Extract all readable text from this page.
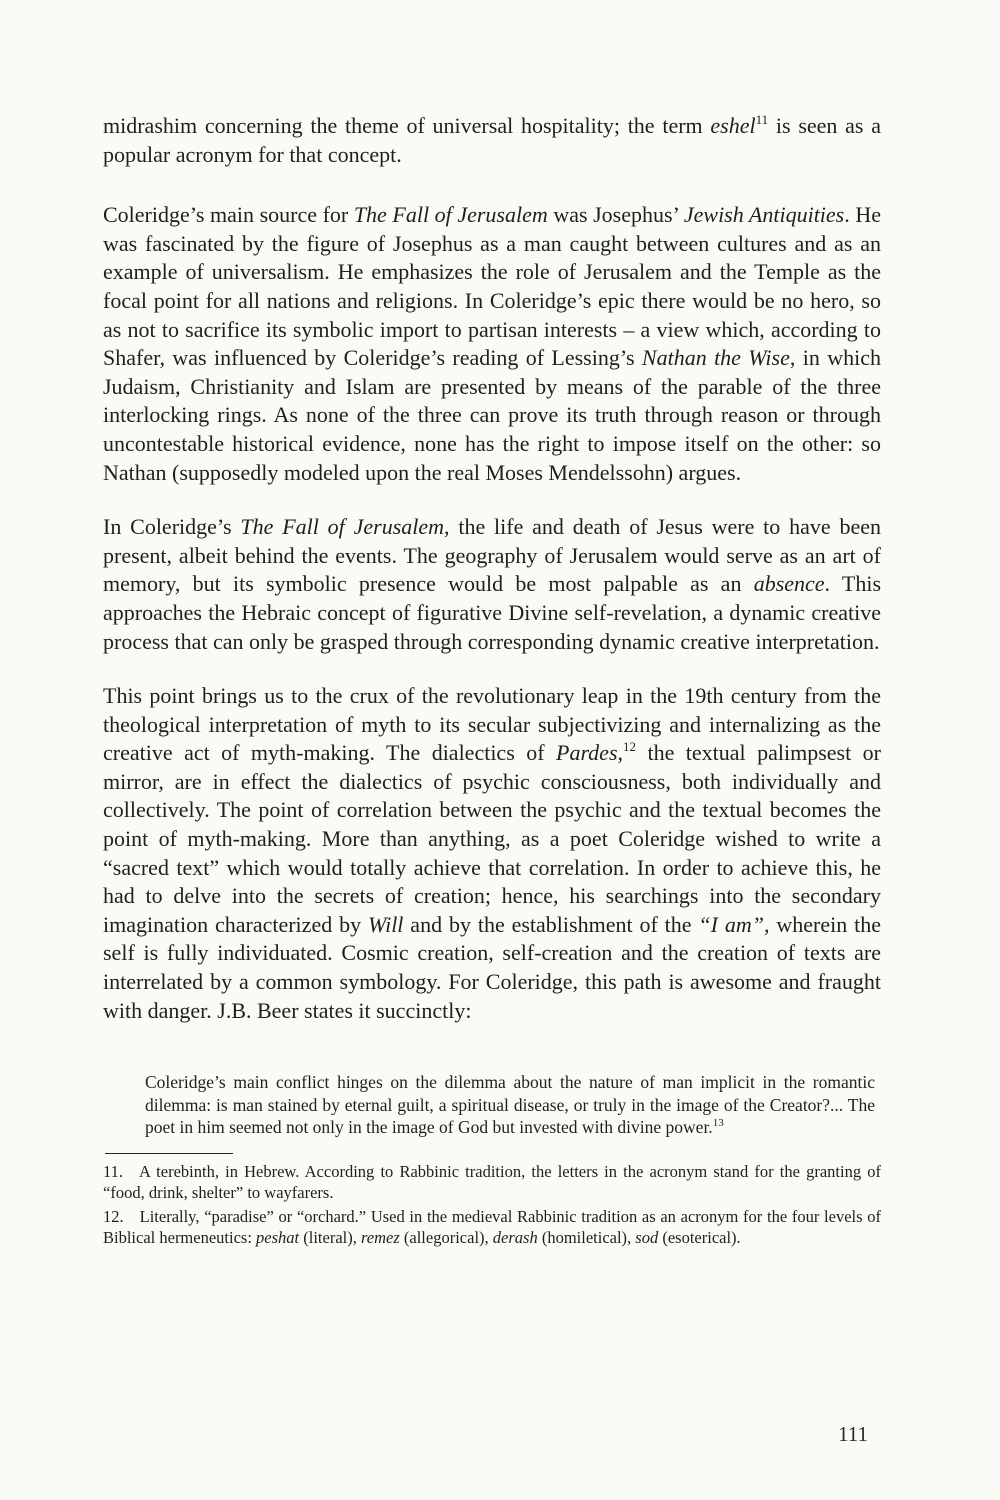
midrashim concerning the theme of universal hospitality; the term eshel$^{11}$ is seen as a popular acronym for that concept.

Coleridge’s main source for The Fall of Jerusalem was Josephus’ Jewish Antiquities. He was fascinated by the figure of Josephus as a man caught between cultures and as an example of universalism. He emphasizes the role of Jerusalem and the Temple as the focal point for all nations and religions. In Coleridge’s epic there would be no hero, so as not to sacrifice its symbolic import to partisan interests – a view which, according to Shafer, was influenced by Coleridge’s reading of Lessing’s Nathan the Wise, in which Judaism, Christianity and Islam are presented by means of the parable of the three interlocking rings. As none of the three can prove its truth through reason or through uncontestable historical evidence, none has the right to impose itself on the other: so Nathan (supposedly modeled upon the real Moses Mendelssohn) argues.

In Coleridge’s The Fall of Jerusalem, the life and death of Jesus were to have been present, albeit behind the events. The geography of Jerusalem would serve as an art of memory, but its symbolic presence would be most palpable as an absence. This approaches the Hebraic concept of figurative Divine self-revelation, a dynamic creative process that can only be grasped through corresponding dynamic creative interpretation.

This point brings us to the crux of the revolutionary leap in the 19th century from the theological interpretation of myth to its secular subjectivizing and internalizing as the creative act of myth-making. The dialectics of Pardes,$^{12}$ the textual palimpsest or mirror, are in effect the dialectics of psychic consciousness, both individually and collectively. The point of correlation between the psychic and the textual becomes the point of myth-making. More than anything, as a poet Coleridge wished to write a “sacred text” which would totally achieve that correlation. In order to achieve this, he had to delve into the secrets of creation; hence, his searchings into the secondary imagination characterized by Will and by the establishment of the “I am”, wherein the self is fully individuated. Cosmic creation, self-creation and the creation of texts are interrelated by a common symbology. For Coleridge, this path is awesome and fraught with danger. J.B. Beer states it succinctly:

Coleridge’s main conflict hinges on the dilemma about the nature of man implicit in the romantic dilemma: is man stained by eternal guilt, a spiritual disease, or truly in the image of the Creator?... The poet in him seemed not only in the image of God but invested with divine power.$^{13}$

11. A terebinth, in Hebrew. According to Rabbinic tradition, the letters in the acronym stand for the granting of “food, drink, shelter” to wayfarers.

12. Literally, “paradise” or “orchard.” Used in the medieval Rabbinic tradition as an acronym for the four levels of Biblical hermeneutics: peshat (literal), remez (allegorical), derash (homiletical), sod (esoterical).

111
